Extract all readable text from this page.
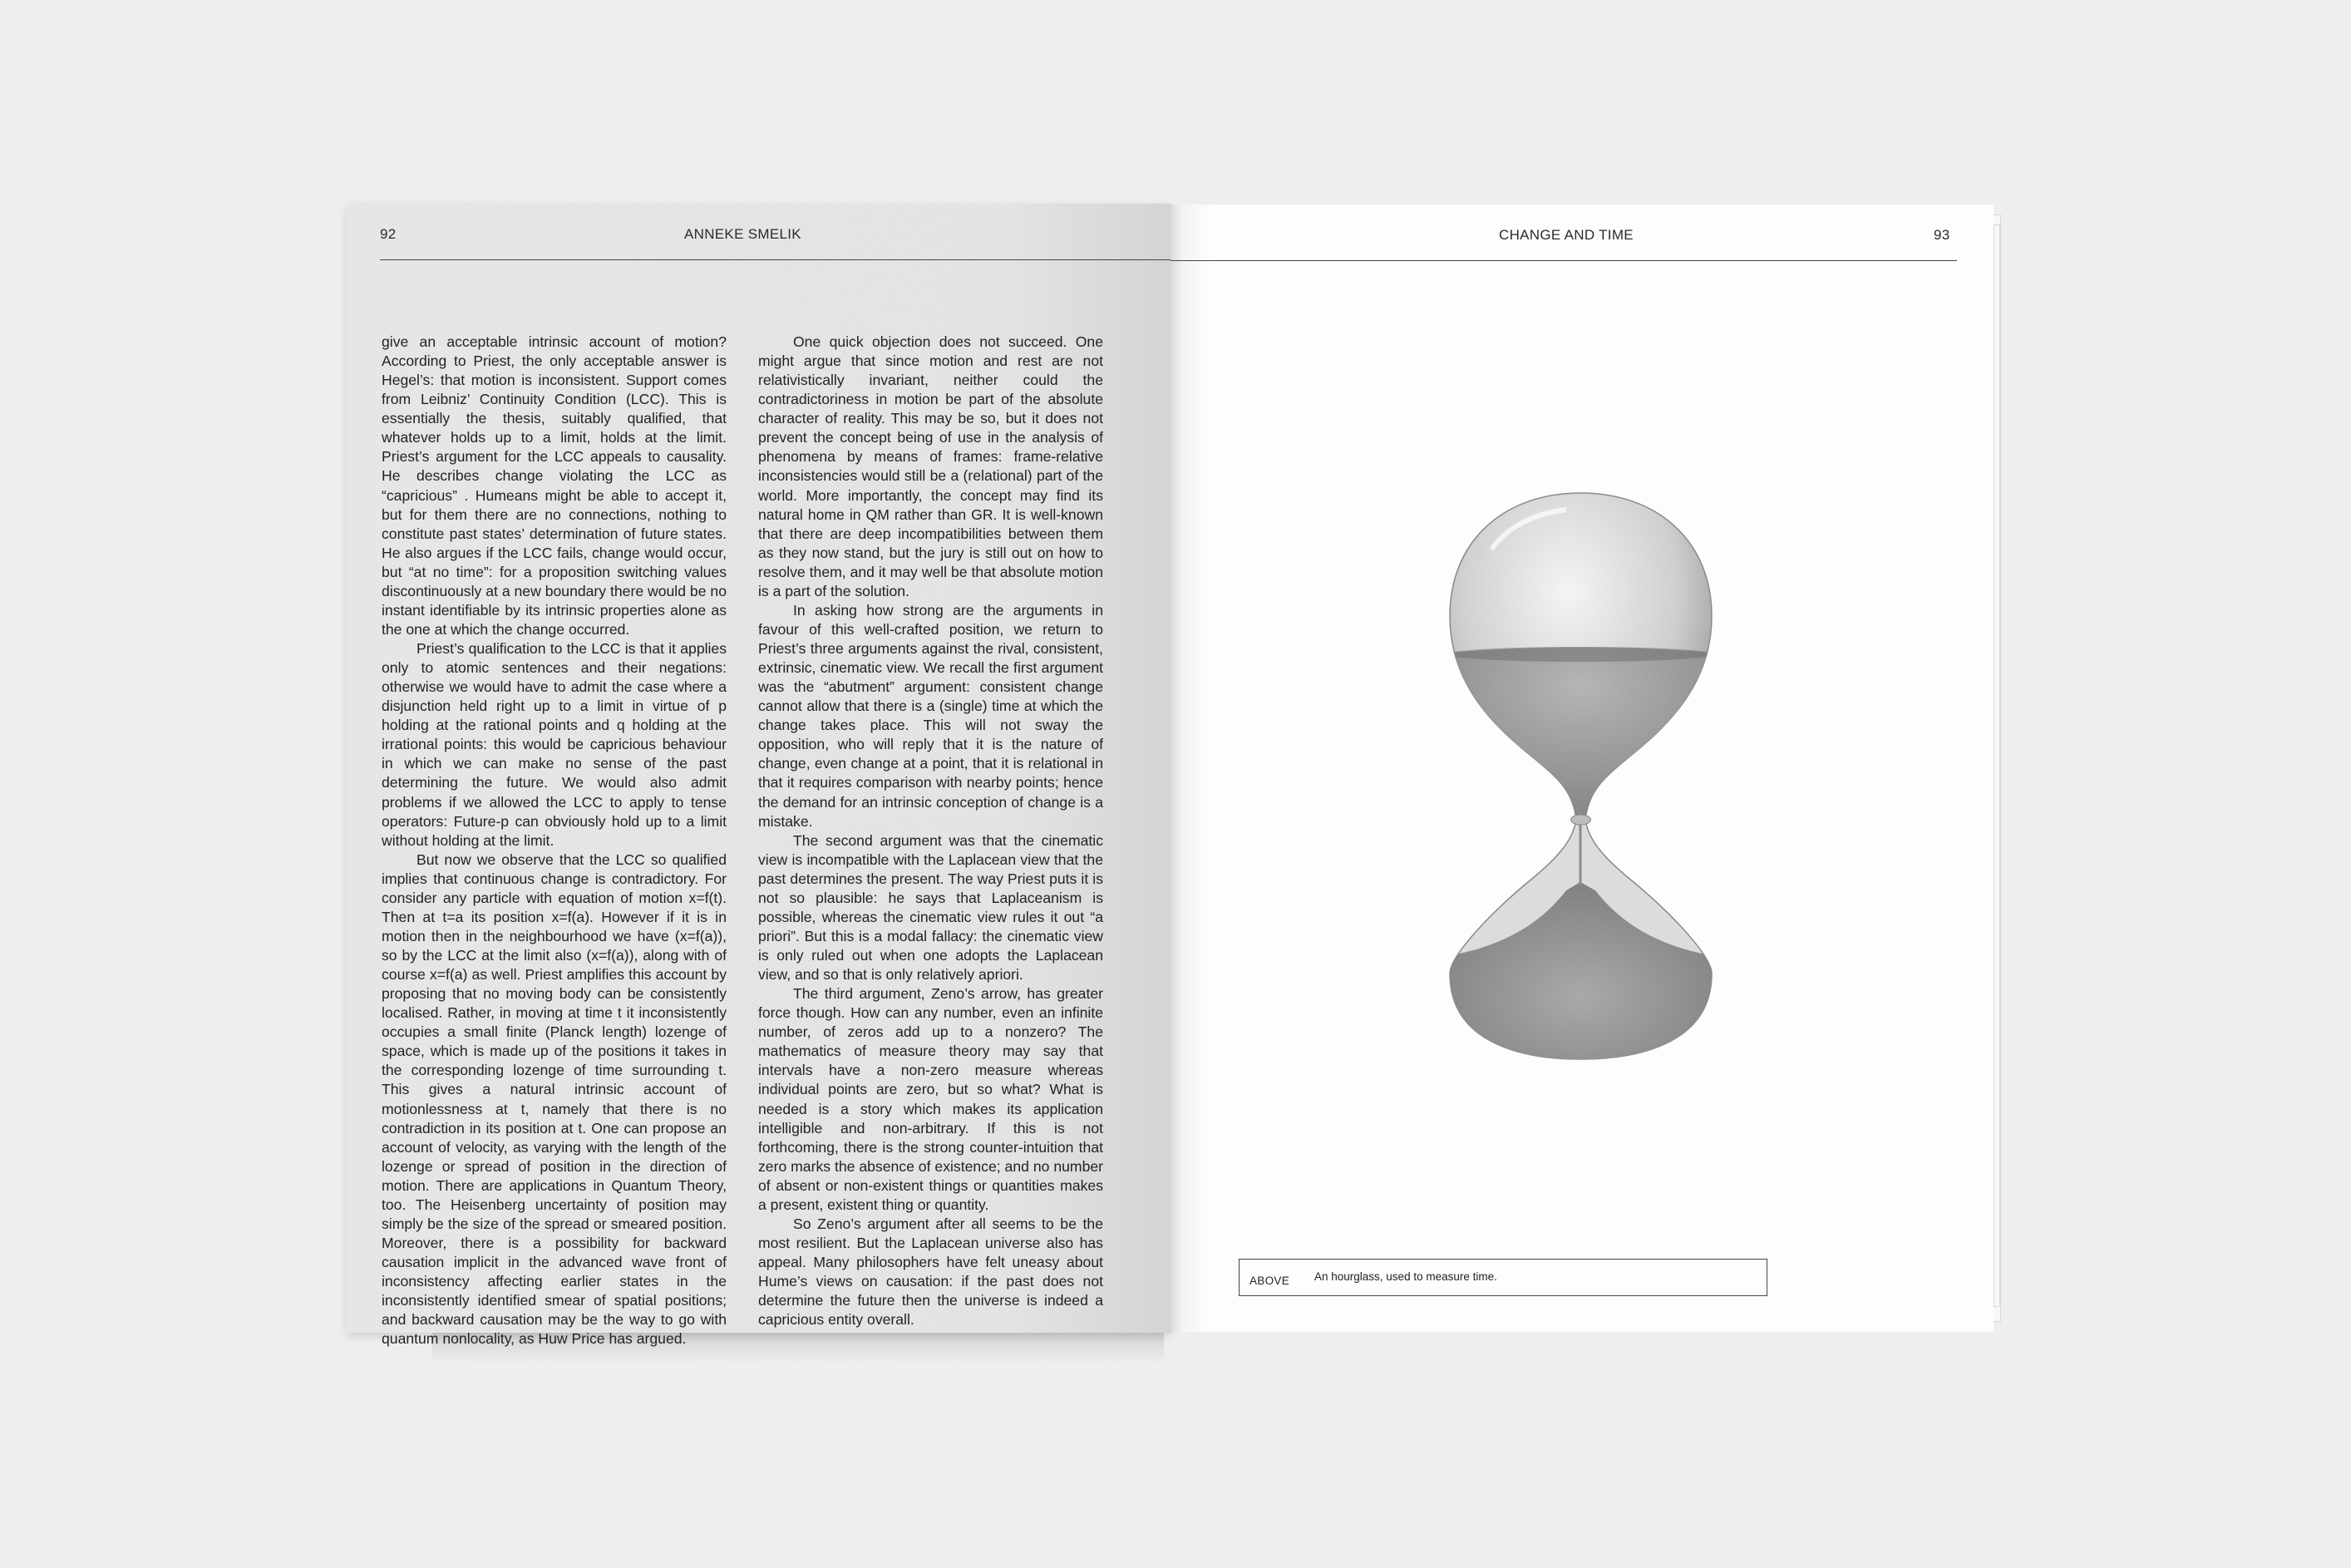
92	ANNEKE SMELIK

give an acceptable intrinsic account of motion? According to Priest, the only acceptable answer is Hegel’s: that motion is inconsistent. Support comes from Leibniz’ Continuity Condition (LCC). This is essentially the thesis, suitably qualified, that whatever holds up to a limit, holds at the limit. Priest’s argument for the LCC appeals to causality. He describes change violating the LCC as “capricious” . Humeans might be able to accept it, but for them there are no connections, nothing to constitute past states’ determination of future states. He also argues if the LCC fails, change would occur, but “at no time”: for a proposition switching values discontinuously at a new boundary there would be no instant identifiable by its intrinsic properties alone as the one at which the change occurred.

Priest’s qualification to the LCC is that it applies only to atomic sentences and their negations: otherwise we would have to admit the case where a disjunction held right up to a limit in virtue of p holding at the rational points and q holding at the irrational points: this would be capricious behaviour in which we can make no sense of the past determining the future. We would also admit problems if we allowed the LCC to apply to tense operators: Future-p can obviously hold up to a limit without holding at the limit.

But now we observe that the LCC so qualified implies that continuous change is contradictory. For consider any particle with equation of motion x=f(t). Then at t=a its position x=f(a). However if it is in motion then in the neighbourhood we have (x=f(a)), so by the LCC at the limit also (x=f(a)), along with of course x=f(a) as well. Priest amplifies this account by proposing that no moving body can be consistently localised. Rather, in moving at time t it inconsistently occupies a small finite (Planck length) lozenge of space, which is made up of the positions it takes in the corresponding lozenge of time surrounding t. This gives a natural intrinsic account of motionlessness at t, namely that there is no contradiction in its position at t. One can propose an account of velocity, as varying with the length of the lozenge or spread of position in the direction of motion. There are applications in Quantum Theory, too. The Heisenberg uncertainty of position may simply be the size of the spread or smeared position. Moreover, there is a possibility for backward causation implicit in the advanced wave front of inconsistency affecting earlier states in the inconsistently identified smear of spatial positions; and backward causation may be the way to go with quantum nonlocality, as Huw Price has argued.

One quick objection does not succeed. One might argue that since motion and rest are not relativistically invariant, neither could the contradictoriness in motion be part of the absolute character of reality. This may be so, but it does not prevent the concept being of use in the analysis of phenomena by means of frames: frame-relative inconsistencies would still be a (relational) part of the world. More importantly, the concept may find its natural home in QM rather than GR. It is well-known that there are deep incompatibilities between them as they now stand, but the jury is still out on how to resolve them, and it may well be that absolute motion is a part of the solution.

In asking how strong are the arguments in favour of this well-crafted position, we return to Priest’s three arguments against the rival, consistent, extrinsic, cinematic view. We recall the first argument was the “abutment” argument: consistent change cannot allow that there is a (single) time at which the change takes place. This will not sway the opposition, who will reply that it is the nature of change, even change at a point, that it is relational in that it requires comparison with nearby points; hence the demand for an intrinsic conception of change is a mistake.

The second argument was that the cinematic view is incompatible with the Laplacean view that the past determines the present. The way Priest puts it is not so plausible: he says that Laplaceanism is possible, whereas the cinematic view rules it out “a priori”. But this is a modal fallacy: the cinematic view is only ruled out when one adopts the Laplacean view, and so that is only relatively apriori.

The third argument, Zeno’s arrow, has greater force though. How can any number, even an infinite number, of zeros add up to a nonzero? The mathematics of measure theory may say that intervals have a non-zero measure whereas individual points are zero, but so what? What is needed is a story which makes its application intelligible and non-arbitrary. If this is not forthcoming, there is the strong counter-intuition that zero marks the absence of existence; and no number of absent or non-existent things or quantities makes a present, existent thing or quantity.

So Zeno’s argument after all seems to be the most resilient. But the Laplacean universe also has appeal. Many philosophers have felt uneasy about Hume’s views on causation: if the past does not determine the future then the universe is indeed a capricious entity overall.

CHANGE AND TIME	93
ABOVE An hourglass, used to measure time.
